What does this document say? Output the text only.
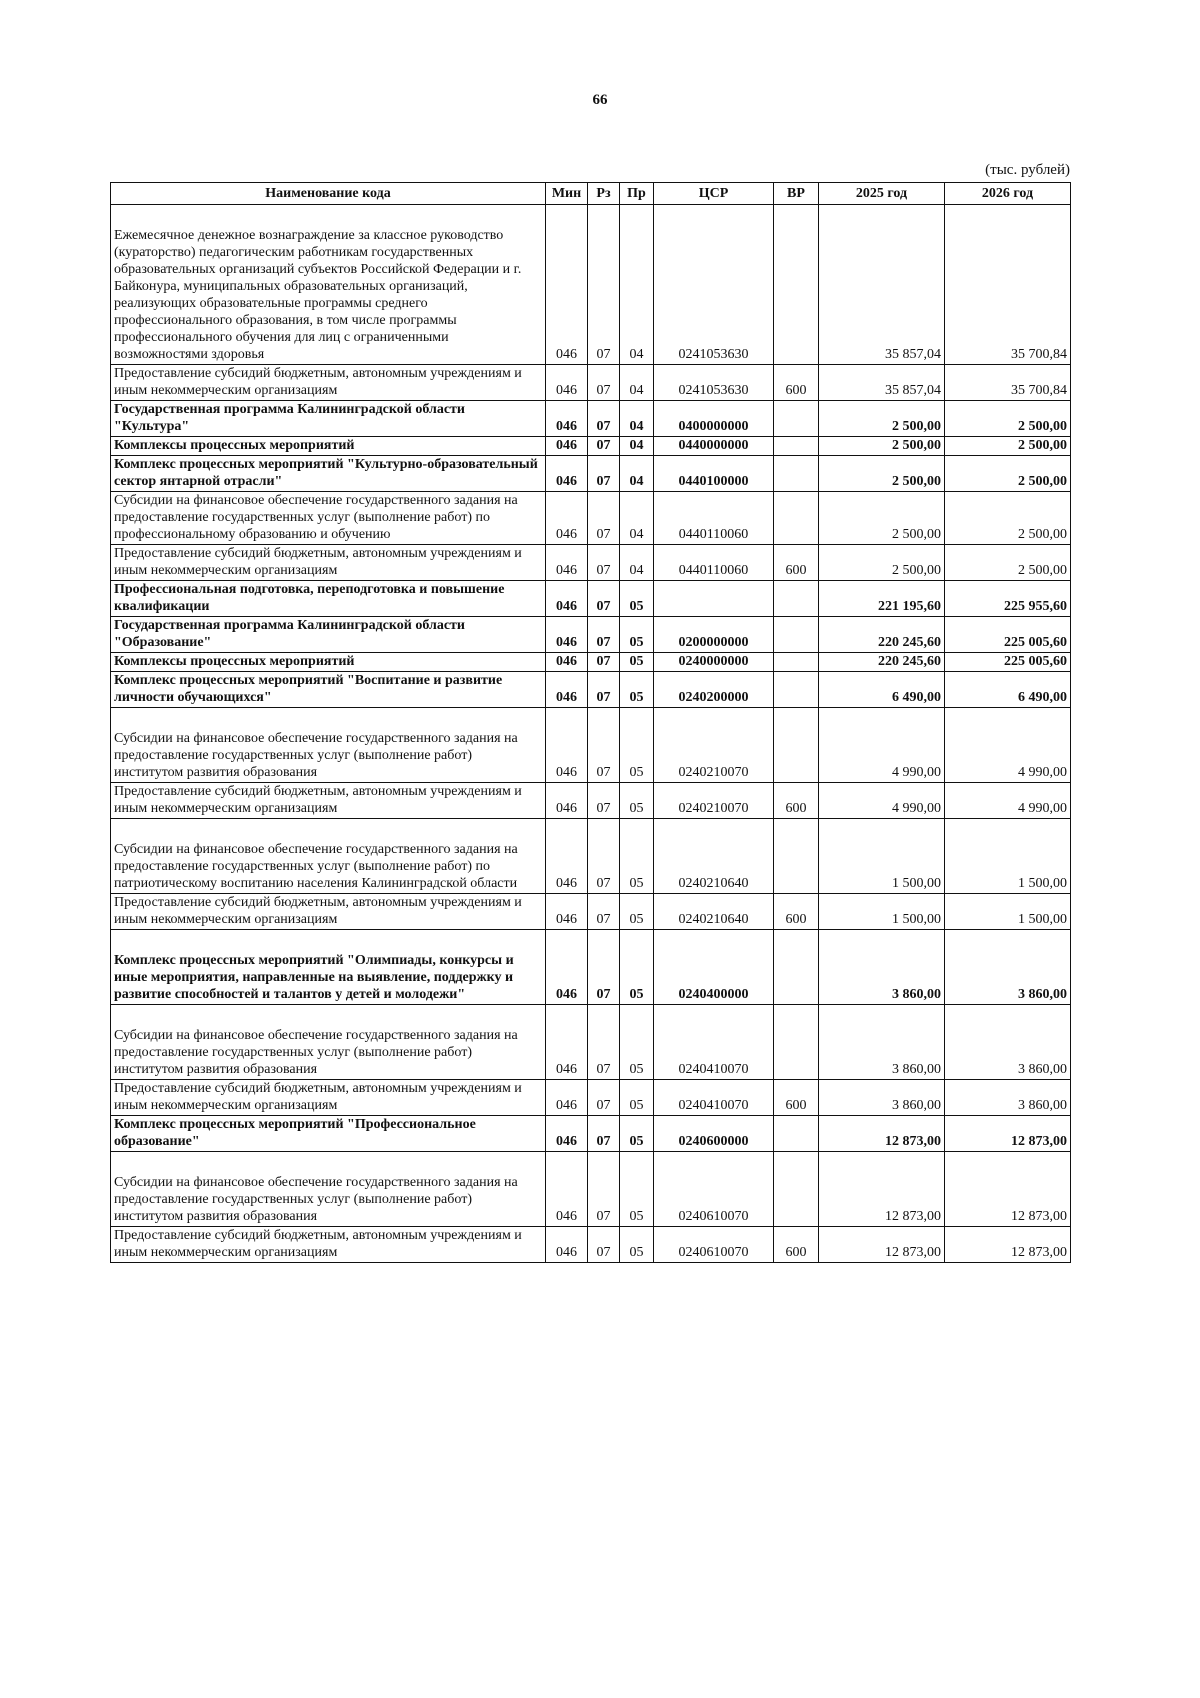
66
(тыс. рублей)
Наименование кода	Мин	Рз	Пр	ЦСР	ВР	2025 год	2026 год
Ежемесячное денежное вознаграждение за классное руководство (кураторство) педагогическим работникам государственных образовательных организаций субъектов Российской Федерации и г. Байконура, муниципальных образовательных организаций, реализующих образовательные программы среднего профессионального образования, в том числе программы профессионального обучения для лиц с ограниченными возможностями здоровья	046	07	04	0241053630		35 857,04	35 700,84
Предоставление субсидий бюджетным, автономным учреждениям и иным некоммерческим организациям	046	07	04	0241053630	600	35 857,04	35 700,84
Государственная программа Калининградской области "Культура"	046	07	04	0400000000		2 500,00	2 500,00
Комплексы процессных мероприятий	046	07	04	0440000000		2 500,00	2 500,00
Комплекс процессных мероприятий "Культурно-образовательный сектор янтарной отрасли"	046	07	04	0440100000		2 500,00	2 500,00
Субсидии на финансовое обеспечение государственного задания на предоставление государственных услуг (выполнение работ) по профессиональному образованию и обучению	046	07	04	0440110060		2 500,00	2 500,00
Предоставление субсидий бюджетным, автономным учреждениям и иным некоммерческим организациям	046	07	04	0440110060	600	2 500,00	2 500,00
Профессиональная подготовка, переподготовка и повышение квалификации	046	07	05			221 195,60	225 955,60
Государственная программа Калининградской области "Образование"	046	07	05	0200000000		220 245,60	225 005,60
Комплексы процессных мероприятий	046	07	05	0240000000		220 245,60	225 005,60
Комплекс процессных мероприятий "Воспитание и развитие личности обучающихся"	046	07	05	0240200000		6 490,00	6 490,00
Субсидии на финансовое обеспечение государственного задания на предоставление государственных услуг (выполнение работ) институтом развития образования	046	07	05	0240210070		4 990,00	4 990,00
Предоставление субсидий бюджетным, автономным учреждениям и иным некоммерческим организациям	046	07	05	0240210070	600	4 990,00	4 990,00
Субсидии на финансовое обеспечение государственного задания на предоставление государственных услуг (выполнение работ) по патриотическому воспитанию населения Калининградской области	046	07	05	0240210640		1 500,00	1 500,00
Предоставление субсидий бюджетным, автономным учреждениям и иным некоммерческим организациям	046	07	05	0240210640	600	1 500,00	1 500,00
Комплекс процессных мероприятий "Олимпиады, конкурсы и иные мероприятия, направленные на выявление, поддержку и развитие способностей и талантов у детей и молодежи"	046	07	05	0240400000		3 860,00	3 860,00
Субсидии на финансовое обеспечение государственного задания на предоставление государственных услуг (выполнение работ) институтом развития образования	046	07	05	0240410070		3 860,00	3 860,00
Предоставление субсидий бюджетным, автономным учреждениям и иным некоммерческим организациям	046	07	05	0240410070	600	3 860,00	3 860,00
Комплекс процессных мероприятий "Профессиональное образование"	046	07	05	0240600000		12 873,00	12 873,00
Субсидии на финансовое обеспечение государственного задания на предоставление государственных услуг (выполнение работ) институтом развития образования	046	07	05	0240610070		12 873,00	12 873,00
Предоставление субсидий бюджетным, автономным учреждениям и иным некоммерческим организациям	046	07	05	0240610070	600	12 873,00	12 873,00
